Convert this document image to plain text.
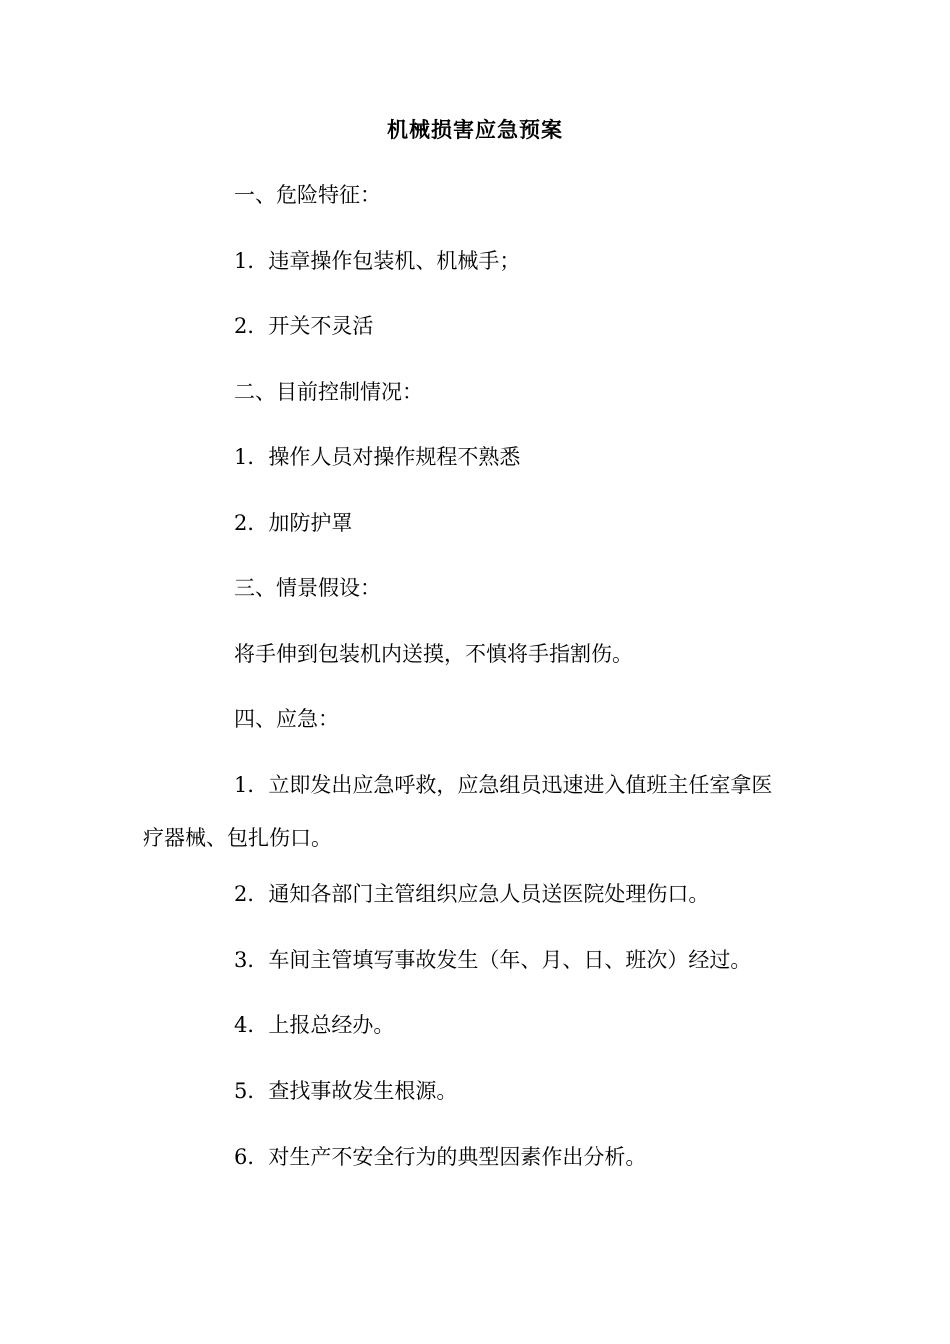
机械损害应急预案
一、危险特征：
1．违章操作包装机、机械手；
2．开关不灵活
二、目前控制情况：
1．操作人员对操作规程不熟悉
2．加防护罩
三、情景假设：
将手伸到包装机内送摸，不慎将手指割伤。
四、应急：
1．立即发出应急呼救，应急组员迅速进入值班主任室拿医
疗器械、包扎伤口。
2．通知各部门主管组织应急人员送医院处理伤口。
3．车间主管填写事故发生（年、月、日、班次）经过。
4．上报总经办。
5．查找事故发生根源。
6．对生产不安全行为的典型因素作出分析。
